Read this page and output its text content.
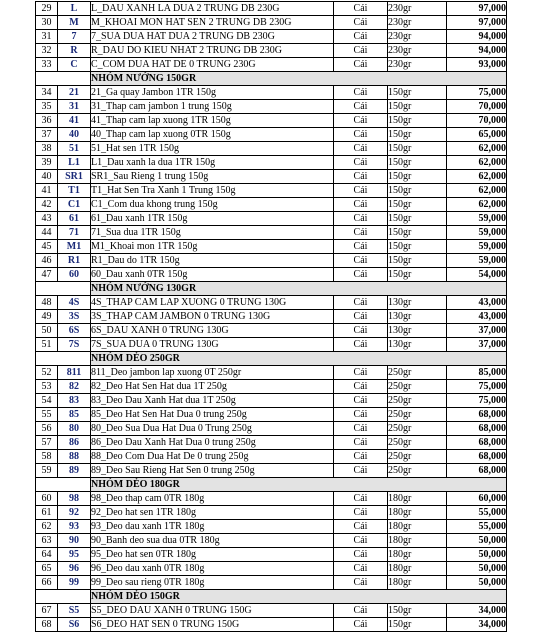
29	L	L_DAU XANH LA DUA 2 TRUNG DB 230G	Cái	230gr	97,000
30	M	M_KHOAI MON HAT SEN 2 TRUNG DB 230G	Cái	230gr	97,000
31	7	7_SUA DUA HAT DUA 2 TRUNG DB 230G	Cái	230gr	94,000
32	R	R_DAU DO KIEU NHAT 2 TRUNG DB 230G	Cái	230gr	94,000
33	C	C_COM DUA HAT DE 0 TRUNG 230G	Cái	230gr	93,000
		NHÓM NƯỚNG 150GR			
34	21	21_Ga quay Jambon 1TR 150g	Cái	150gr	75,000
35	31	31_Thap cam jambon 1 trung 150g	Cái	150gr	70,000
36	41	41_Thap cam lap xuong 1TR 150g	Cái	150gr	70,000
37	40	40_Thap cam lap xuong 0TR 150g	Cái	150gr	65,000
38	51	51_Hat sen 1TR 150g	Cái	150gr	62,000
39	L1	L1_Dau xanh la dua 1TR 150g	Cái	150gr	62,000
40	SR1	SR1_Sau Rieng 1 trung 150g	Cái	150gr	62,000
41	T1	T1_Hat Sen Tra Xanh 1 Trung 150g	Cái	150gr	62,000
42	C1	C1_Com dua khong trung 150g	Cái	150gr	62,000
43	61	61_Dau xanh 1TR 150g	Cái	150gr	59,000
44	71	71_Sua dua 1TR 150g	Cái	150gr	59,000
45	M1	M1_Khoai mon 1TR 150g	Cái	150gr	59,000
46	R1	R1_Dau do 1TR 150g	Cái	150gr	59,000
47	60	60_Dau xanh 0TR 150g	Cái	150gr	54,000
		NHÓM NƯỚNG 130GR			
48	4S	4S_THAP CAM LAP XUONG 0 TRUNG 130G	Cái	130gr	43,000
49	3S	3S_THAP CAM JAMBON 0 TRUNG 130G	Cái	130gr	43,000
50	6S	6S_DAU XANH 0 TRUNG 130G	Cái	130gr	37,000
51	7S	7S_SUA DUA 0 TRUNG 130G	Cái	130gr	37,000
		NHÓM DẺO 250GR			
52	811	811_Deo jambon lap xuong 0T 250gr	Cái	250gr	85,000
53	82	82_Deo Hat Sen Hat dua 1T 250g	Cái	250gr	75,000
54	83	83_Deo Dau Xanh Hat dua 1T 250g	Cái	250gr	75,000
55	85	85_Deo Hat Sen Hat Dua 0 trung 250g	Cái	250gr	68,000
56	80	80_Deo Sua Dua Hat Dua 0 Trung 250g	Cái	250gr	68,000
57	86	86_Deo Dau Xanh Hat Dua 0 trung 250g	Cái	250gr	68,000
58	88	88_Deo Com Dua Hat De 0 trung 250g	Cái	250gr	68,000
59	89	89_Deo Sau Rieng Hat Sen 0 trung 250g	Cái	250gr	68,000
		NHÓM DẺO 180GR			
60	98	98_Deo thap cam 0TR 180g	Cái	180gr	60,000
61	92	92_Deo hat sen 1TR 180g	Cái	180gr	55,000
62	93	93_Deo dau xanh 1TR 180g	Cái	180gr	55,000
63	90	90_Banh deo sua dua 0TR 180g	Cái	180gr	50,000
64	95	95_Deo hat sen 0TR 180g	Cái	180gr	50,000
65	96	96_Deo dau xanh 0TR 180g	Cái	180gr	50,000
66	99	99_Deo sau rieng 0TR 180g	Cái	180gr	50,000
		NHÓM DẺO 150GR			
67	S5	S5_DEO DAU XANH 0 TRUNG 150G	Cái	150gr	34,000
68	S6	S6_DEO HAT SEN 0 TRUNG 150G	Cái	150gr	34,000
